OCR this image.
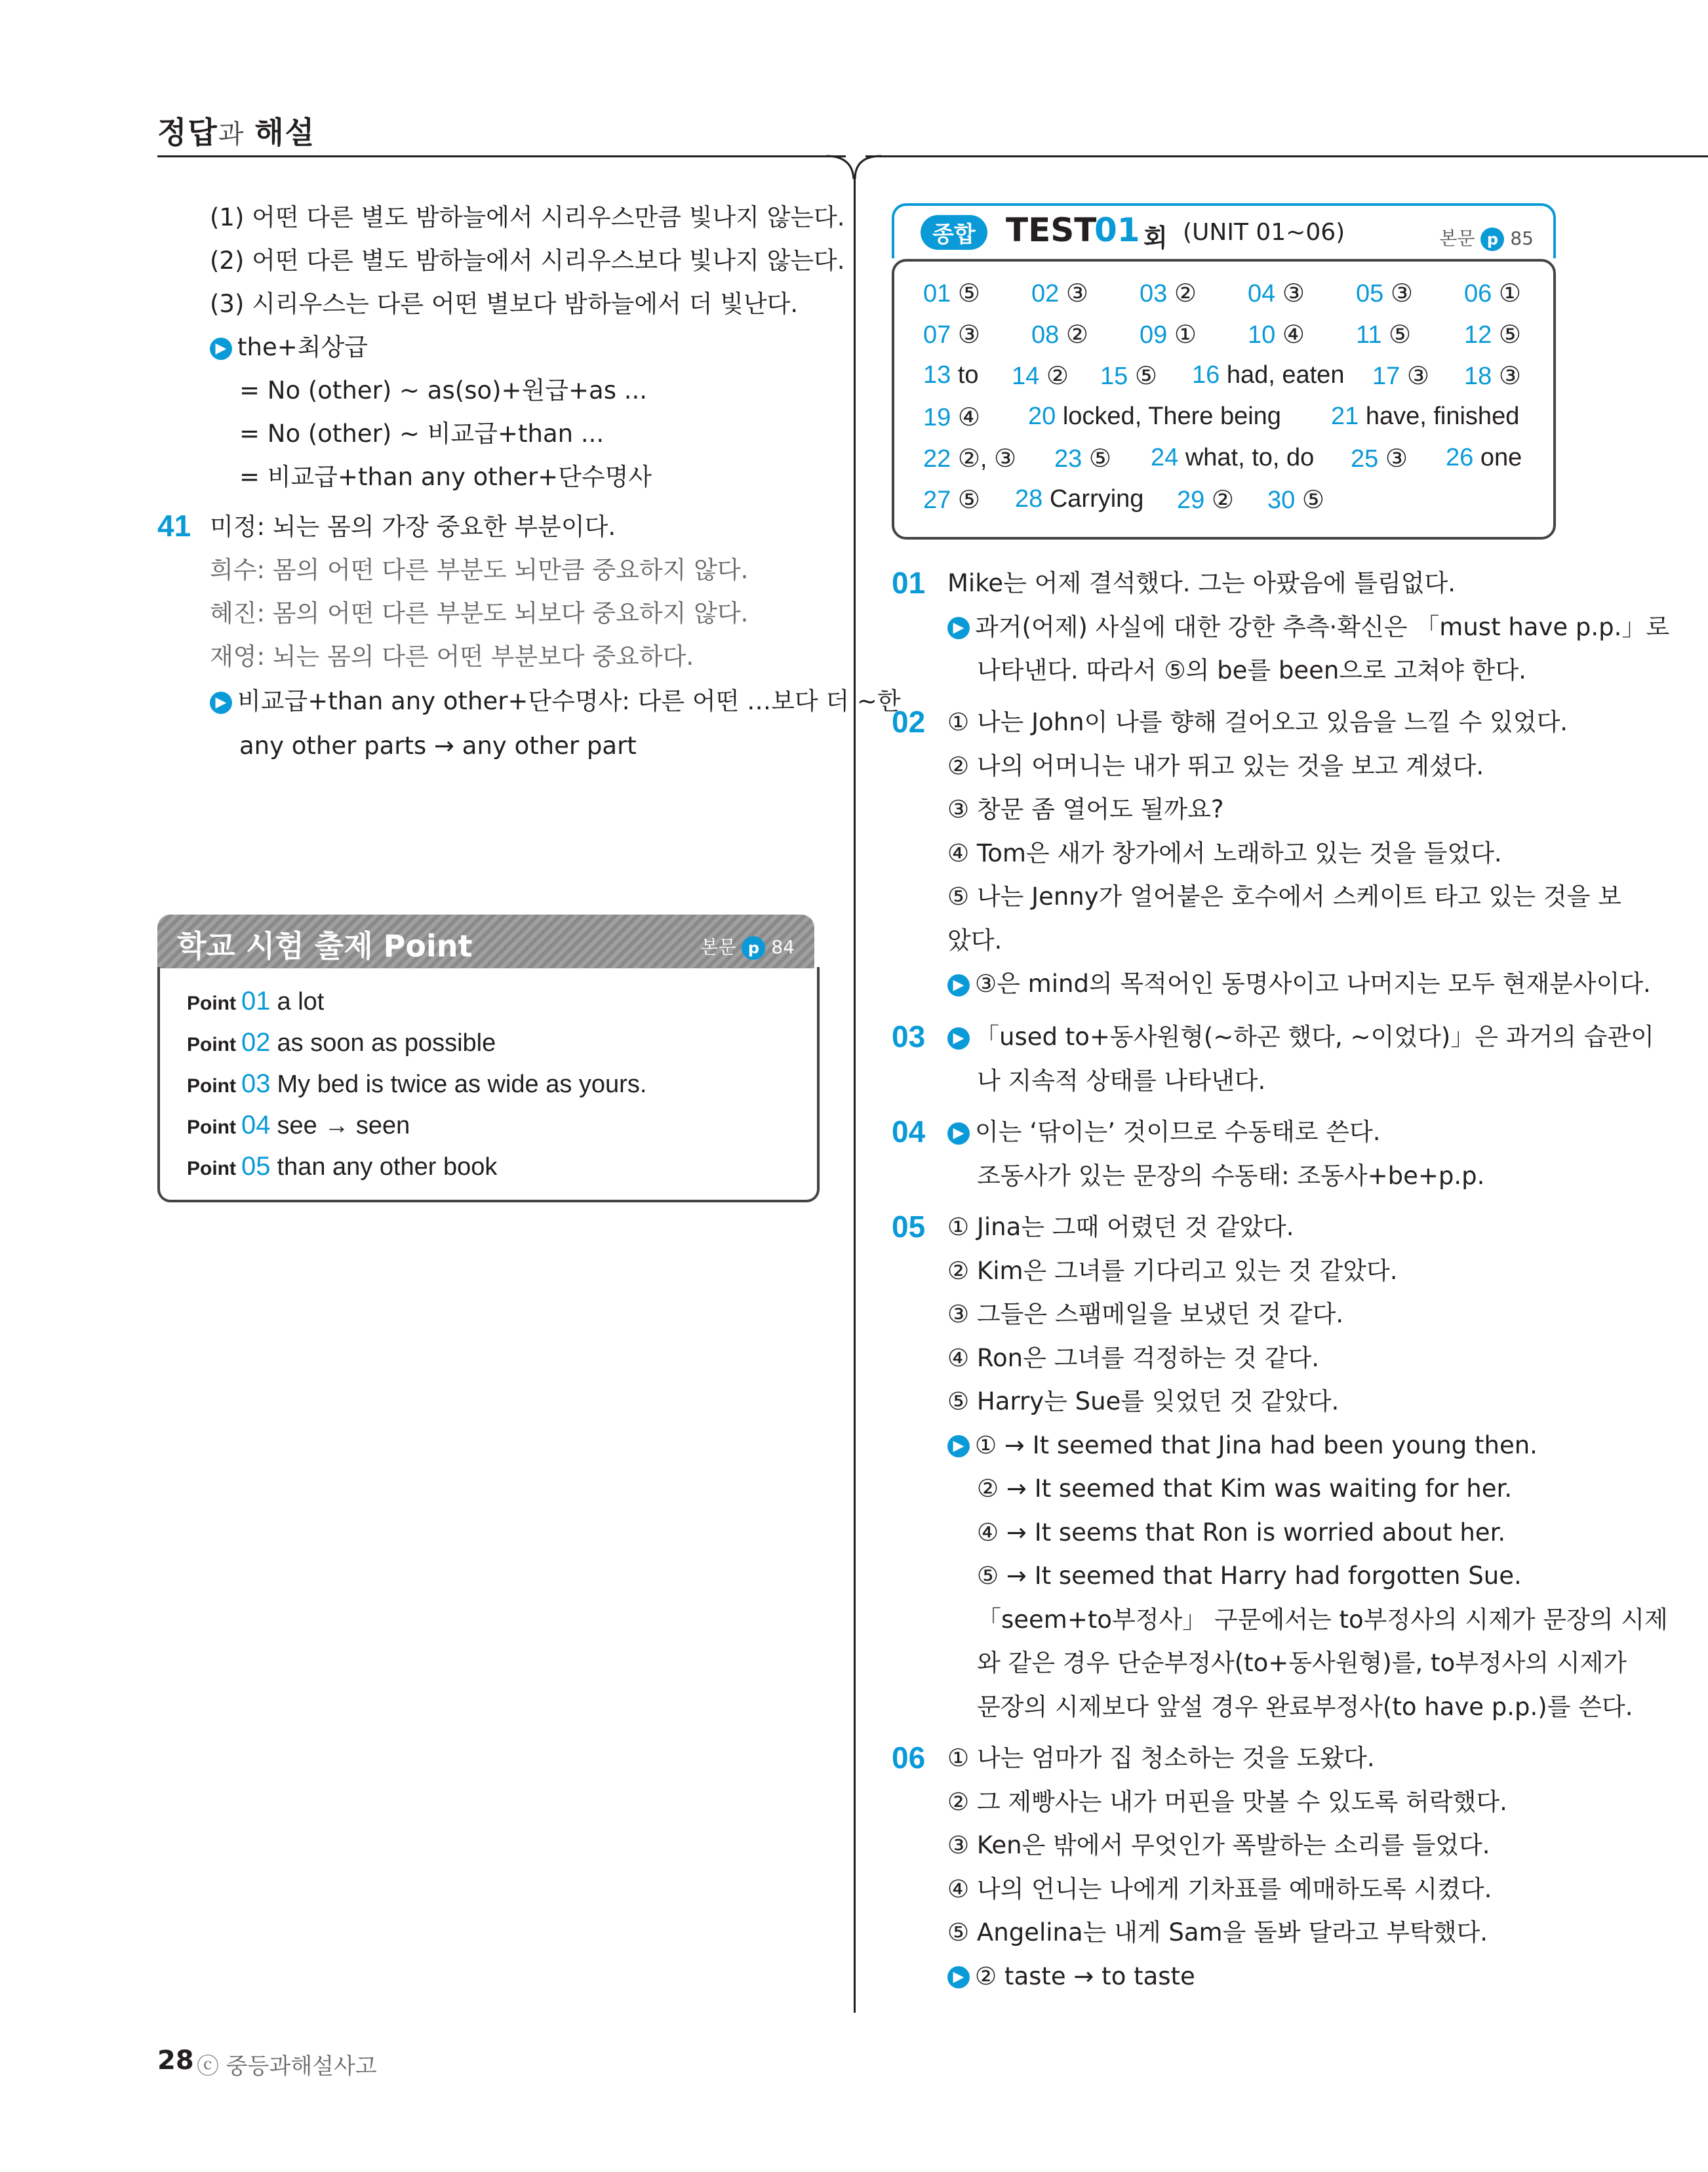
정답과 해설
(1) 어떤 다른 별도 밤하늘에서 시리우스만큼 빛나지 않는다.
(2) 어떤 다른 별도 밤하늘에서 시리우스보다 빛나지 않는다.
(3) 시리우스는 다른 어떤 별보다 밤하늘에서 더 빛난다.
▶ the+최상급
= No (other) ~ as(so)+원급+as ...
= No (other) ~ 비교급+than ...
= 비교급+than any other+단수명사
41 미정: 뇌는 몸의 가장 중요한 부분이다.
희수: 몸의 어떤 다른 부분도 뇌만큼 중요하지 않다.
혜진: 몸의 어떤 다른 부분도 뇌보다 중요하지 않다.
재영: 뇌는 몸의 다른 어떤 부분보다 중요하다.
▶ 비교급+than any other+단수명사: 다른 어떤 …보다 더 ~한
any other parts → any other part
학교 시험 출제 Point	본문 p 84
Point 01 a lot
Point 02 as soon as possible
Point 03 My bed is twice as wide as yours.
Point 04 see → seen
Point 05 than any other book
종합 TEST
01 회 (UNIT 01~06)	본문 p 85
01 ⑤ 02 ③ 03 ② 04 ③ 05 ③ 06 ①
07 ③ 08 ② 09 ① 10 ④ 11 ⑤ 12 ⑤
13 to 14 ② 15 ⑤ 16 had, eaten 17 ③ 18 ③
19 ④ 20 locked, There being 21 have, finished
22 ②, ③ 23 ⑤ 24 what, to, do 25 ③ 26 one
27 ⑤ 28 Carrying 29 ② 30 ⑤
01 Mike는 어제 결석했다. 그는 아팠음에 틀림없다.
▶ 과거(어제) 사실에 대한 강한 추측·확신은 「must have p.p.」로
나타낸다. 따라서 ⑤의 be를 been으로 고쳐야 한다.
02 ① 나는 John이 나를 향해 걸어오고 있음을 느낄 수 있었다.
② 나의 어머니는 내가 뛰고 있는 것을 보고 계셨다.
③ 창문 좀 열어도 될까요?
④ Tom은 새가 창가에서 노래하고 있는 것을 들었다.
⑤ 나는 Jenny가 얼어붙은 호수에서 스케이트 타고 있는 것을 보
았다.
▶ ③은 mind의 목적어인 동명사이고 나머지는 모두 현재분사이다.
03	▶ 「used to+동사원형(~하곤 했다, ~이었다)」은 과거의 습관이
나 지속적 상태를 나타낸다.
04	▶ 이는 ‘닦이는’ 것이므로 수동태로 쓴다.
조동사가 있는 문장의 수동태: 조동사+be+p.p.
05 ① Jina는 그때 어렸던 것 같았다.
② Kim은 그녀를 기다리고 있는 것 같았다.
③ 그들은 스팸메일을 보냈던 것 같다.
④ Ron은 그녀를 걱정하는 것 같다.
⑤ Harry는 Sue를 잊었던 것 같았다.
▶ ① → It seemed that Jina had been young then.
② → It seemed that Kim was waiting for her.
④ → It seems that Ron is worried about her.
⑤ → It seemed that Harry had forgotten Sue.
「seem+to부정사」 구문에서는 to부정사의 시제가 문장의 시제
와 같은 경우 단순부정사(to+동사원형)를, to부정사의 시제가
문장의 시제보다 앞설 경우 완료부정사(to have p.p.)를 쓴다.
06 ① 나는 엄마가 집 청소하는 것을 도왔다.
② 그 제빵사는 내가 머핀을 맛볼 수 있도록 허락했다.
③ Ken은 밖에서 무엇인가 폭발하는 소리를 들었다.
④ 나의 언니는 나에게 기차표를 예매하도록 시켰다.
⑤ Angelina는 내게 Sam을 돌봐 달라고 부탁했다.
▶ ② taste → to taste
28 ⓒ 중등과해설사고
